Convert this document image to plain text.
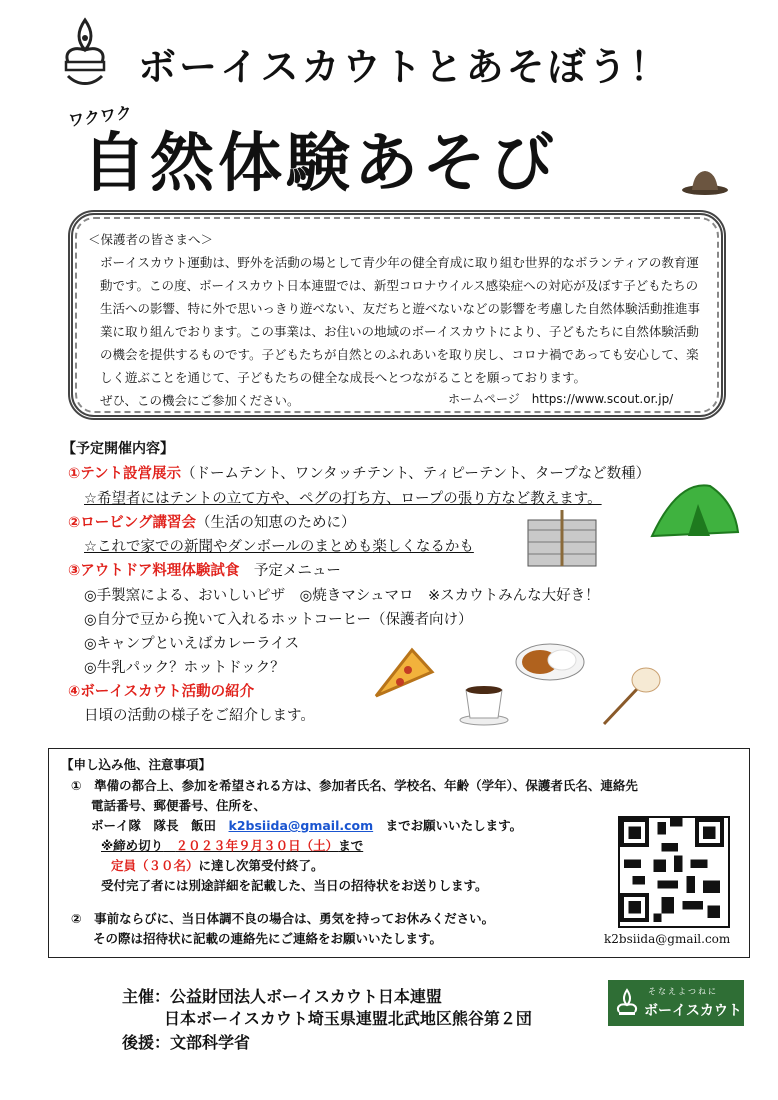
ボーイスカウトとあそぼう！
ワクワク
自然体験あそび

＜保護者の皆さまへ＞

ボーイスカウト運動は、野外を活動の場として青少年の健全育成に取り組む世界的なボランティアの教育運動です。この度、ボーイスカウト日本連盟では、新型コロナウイルス感染症への対応が及ぼす子どもたちの生活への影響、特に外で思いっきり遊べない、友だちと遊べないなどの影響を考慮した自然体験活動推進事業に取り組んでおります。この事業は、お住いの地域のボーイスカウトにより、子どもたちに自然体験活動の機会を提供するものです。子どもたちが自然とのふれあいを取り戻し、コロナ禍であっても安心して、楽しく遊ぶことを通じて、子どもたちの健全な成長へとつながることを願っております。

ぜひ、この機会にご参加ください。	ホームページ　https://www.scout.or.jp/
【予定開催内容】
①テント設営展示（ドームテント、ワンタッチテント、ティピーテント、タープなど数種）
☆希望者にはテントの立て方や、ペグの打ち方、ロープの張り方など教えます。
②ロービング講習会（生活の知恵のために）
☆これで家での新聞やダンボールのまとめも楽しくなるかも
③アウトドア料理体験試食　 予定メニュー
◎手製窯による、おいしいピザ　◎焼きマシュマロ　※スカウトみんな大好き！
◎自分で豆から挽いて入れるホットコーヒー（保護者向け）
◎キャンプといえばカレーライス
◎牛乳パック？ホットドック？
④ボーイスカウト活動の紹介
日頃の活動の様子をご紹介します。
【申し込み他、注意事項】
①　準備の都合上、参加を希望される方は、参加者氏名、学校名、年齢（学年）、保護者氏名、連絡先
電話番号、郵便番号、住所を、
ボーイ隊　隊長　飯田　 k2bsiida@gmail.com　 までお願いいたします。
※締め切り　 ２０２３年９月３０日（土）まで
定員（３０名）に達し次第受付終了。
受付完了者には別途詳細を記載した、当日の招待状をお送りします。
②　事前ならびに、当日体調不良の場合は、勇気を持ってお休みください。
その際は招待状に記載の連絡先にご連絡をお願いいたします。	k2bsiida@gmail.com
主催：公益財団法人ボーイスカウト日本連盟
日本ボーイスカウト埼玉県連盟北武地区熊谷第２団
後援：文部科学省
そなえよつねに
ボーイスカウト
